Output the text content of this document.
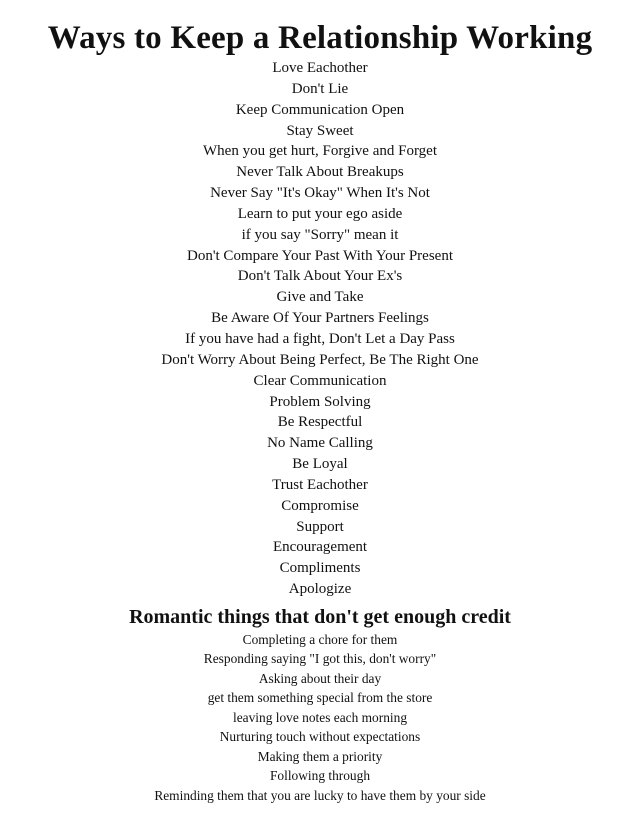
Ways to Keep a Relationship Working
Love Eachother
Don't Lie
Keep Communication Open
Stay Sweet
When you get hurt, Forgive and Forget
Never Talk About Breakups
Never Say "It's Okay" When It's Not
Learn to put your ego aside
if you say "Sorry" mean it
Don't Compare Your Past With Your Present
Don't Talk About Your Ex's
Give and Take
Be Aware Of Your Partners Feelings
If you have had a fight, Don't Let a Day Pass
Don't Worry About Being Perfect, Be The Right One
Clear Communication
Problem Solving
Be Respectful
No Name Calling
Be Loyal
Trust Eachother
Compromise
Support
Encouragement
Compliments
Apologize
Romantic things that don't get enough credit
Completing a chore for them
Responding saying "I got this, don't worry"
Asking about their day
get them something special from the store
leaving love notes each morning
Nurturing touch without expectations
Making them a priority
Following through
Reminding them that you are lucky to have them by your side
